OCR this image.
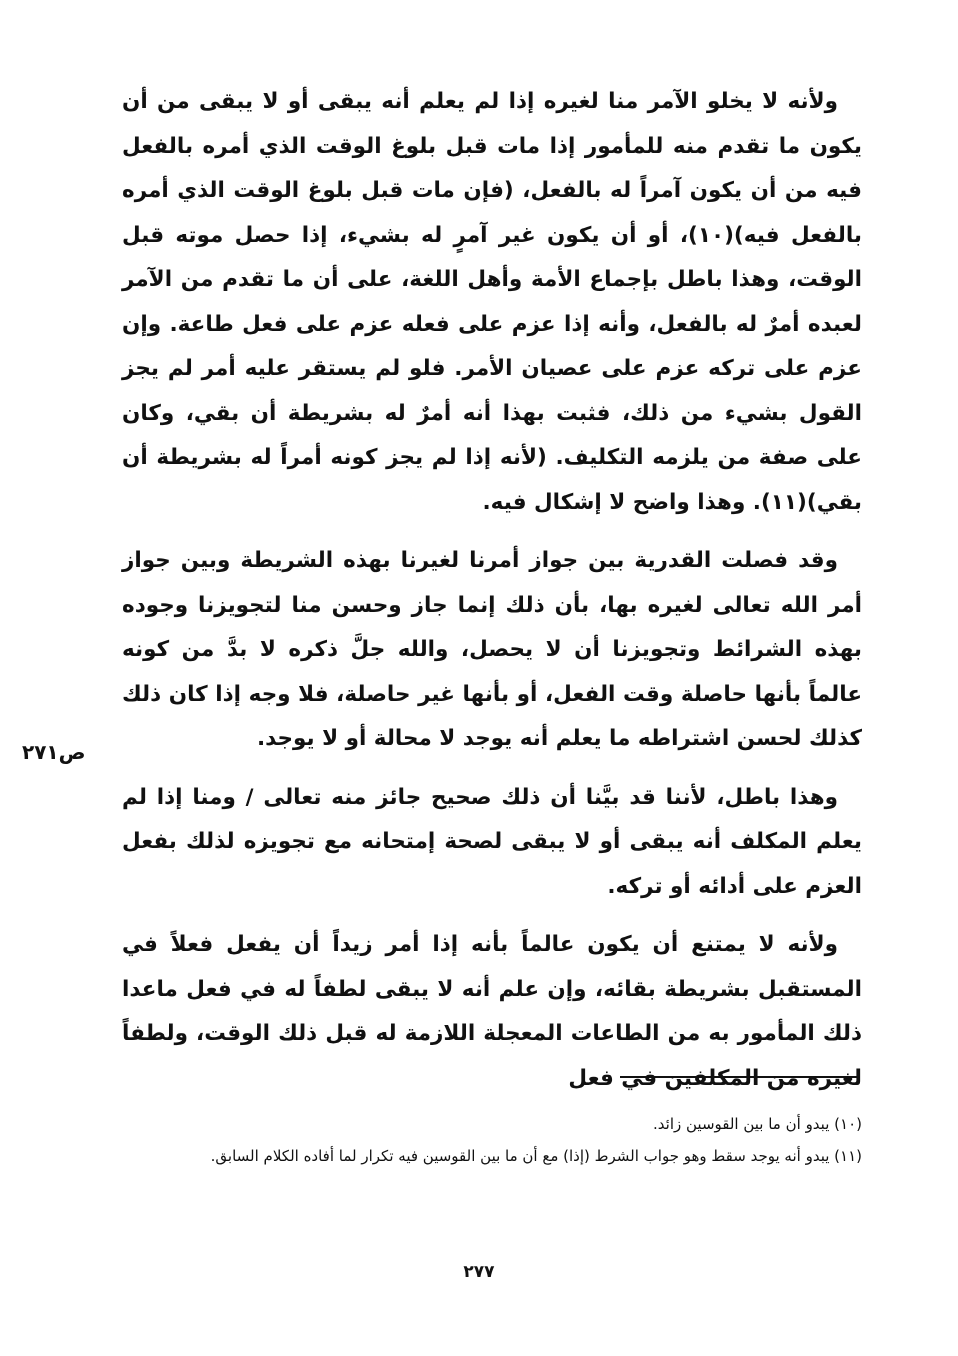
ولأنه لا يخلو الآمر منا لغيره إذا لم يعلم أنه يبقى أو لا يبقى من أن يكون ما تقدم منه للمأمور إذا مات قبل بلوغ الوقت الذي أمره بالفعل فيه من أن يكون آمراً له بالفعل، (فإن مات قبل بلوغ الوقت الذي أمره بالفعل فيه)(١٠)، أو أن يكون غير آمرٍ له بشيء، إذا حصل موته قبل الوقت، وهذا باطل بإجماع الأمة وأهل اللغة، على أن ما تقدم من الآمر لعبده أمرٌ له بالفعل، وأنه إذا عزم على فعله عزم على فعل طاعة. وإن عزم على تركه عزم على عصيان الأمر. فلو لم يستقر عليه أمر لم يجز القول بشيء من ذلك، فثبت بهذا أنه أمرٌ له بشريطة أن بقي، وكان على صفة من يلزمه التكليف. (لأنه إذا لم يجز كونه أمراً له بشريطة أن بقي)(١١). وهذا واضح لا إشكال فيه.

وقد فصلت القدرية بين جواز أمرنا لغيرنا بهذه الشريطة وبين جواز أمر الله تعالى لغيره بها، بأن ذلك إنما جاز وحسن منا لتجويزنا وجوده بهذه الشرائط وتجويزنا أن لا يحصل، والله جلَّ ذكره لا بدَّ من كونه عالماً بأنها حاصلة وقت الفعل، أو بأنها غير حاصلة، فلا وجه إذا كان ذلك كذلك لحسن اشتراطه ما يعلم أنه يوجد لا محالة أو لا يوجد.

وهذا باطل، لأننا قد بيَّنا أن ذلك صحيح جائز منه تعالى / ومنا إذا لم يعلم المكلف أنه يبقى أو لا يبقى لصحة إمتحانه مع تجويزه لذلك بفعل العزم على أدائه أو تركه.

ولأنه لا يمتنع أن يكون عالماً بأنه إذا أمر زيداً أن يفعل فعلاً في المستقبل بشريطة بقائه، وإن علم أنه لا يبقى لطفاً له في فعل ماعدا ذلك المأمور به من الطاعات المعجلة اللازمة له قبل ذلك الوقت، ولطفاً لغيره من المكلفين في فعل

ص٢٧١

(١٠) يبدو أن ما بين القوسين زائد.

(١١) يبدو أنه يوجد سقط وهو جواب الشرط (إذا) مع أن ما بين القوسين فيه تكرار لما أفاده الكلام السابق.

٢٧٧
